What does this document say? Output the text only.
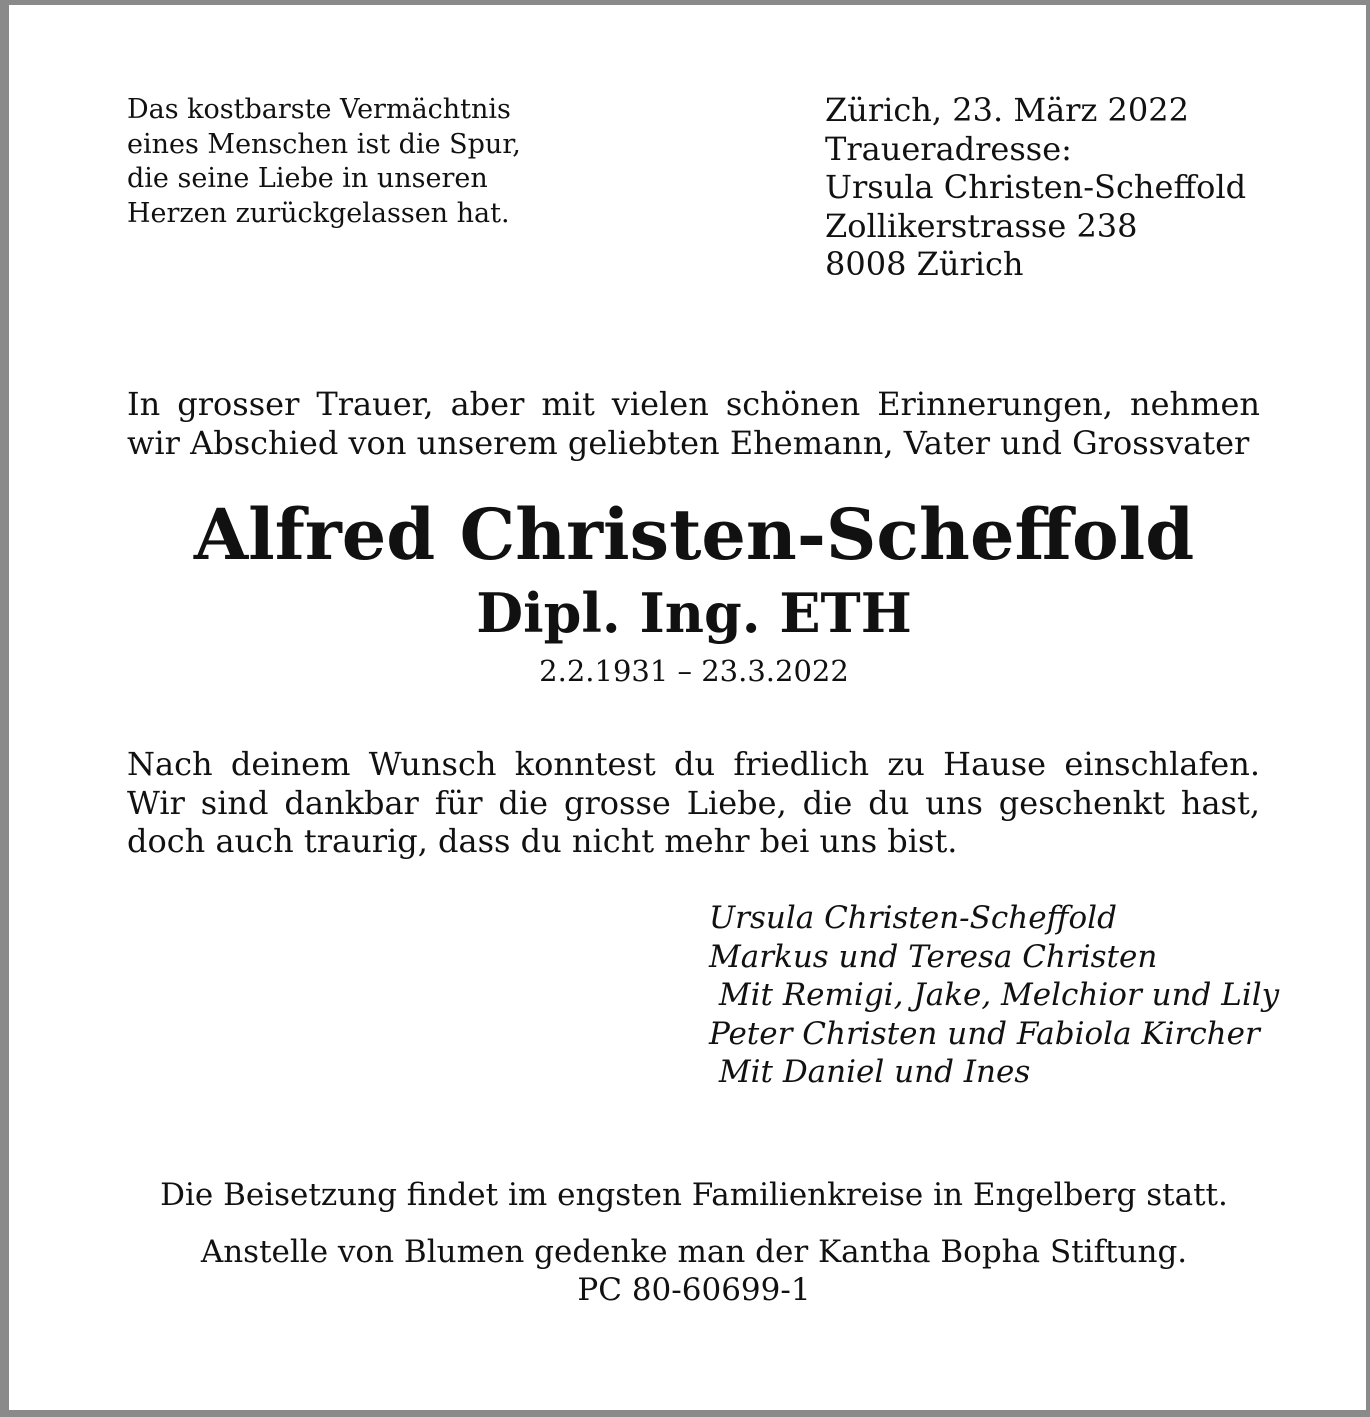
Das kostbarste Vermächtnis
eines Menschen ist die Spur,
die seine Liebe in unseren
Herzen zurückgelassen hat.
Zürich, 23. März 2022
Traueradresse:
Ursula Christen-Scheffold
Zollikerstrasse 238
8008 Zürich

In grosser Trauer, aber mit vielen schönen Erinnerungen, nehmen wir Abschied von unserem geliebten Ehemann, Vater und Grossvater

Alfred Christen-Scheffold
Dipl. Ing. ETH
2.2.1931 – 23.3.2022

Nach deinem Wunsch konntest du friedlich zu Hause einschlafen. Wir sind dankbar für die grosse Liebe, die du uns geschenkt hast, doch auch traurig, dass du nicht mehr bei uns bist.

Ursula Christen-Scheffold
Markus und Teresa Christen
Mit Remigi, Jake, Melchior und Lily
Peter Christen und Fabiola Kircher
Mit Daniel und Ines
Die Beisetzung findet im engsten Familienkreise in Engelberg statt.
Anstelle von Blumen gedenke man der Kantha Bopha Stiftung.
PC 80-60699-1
